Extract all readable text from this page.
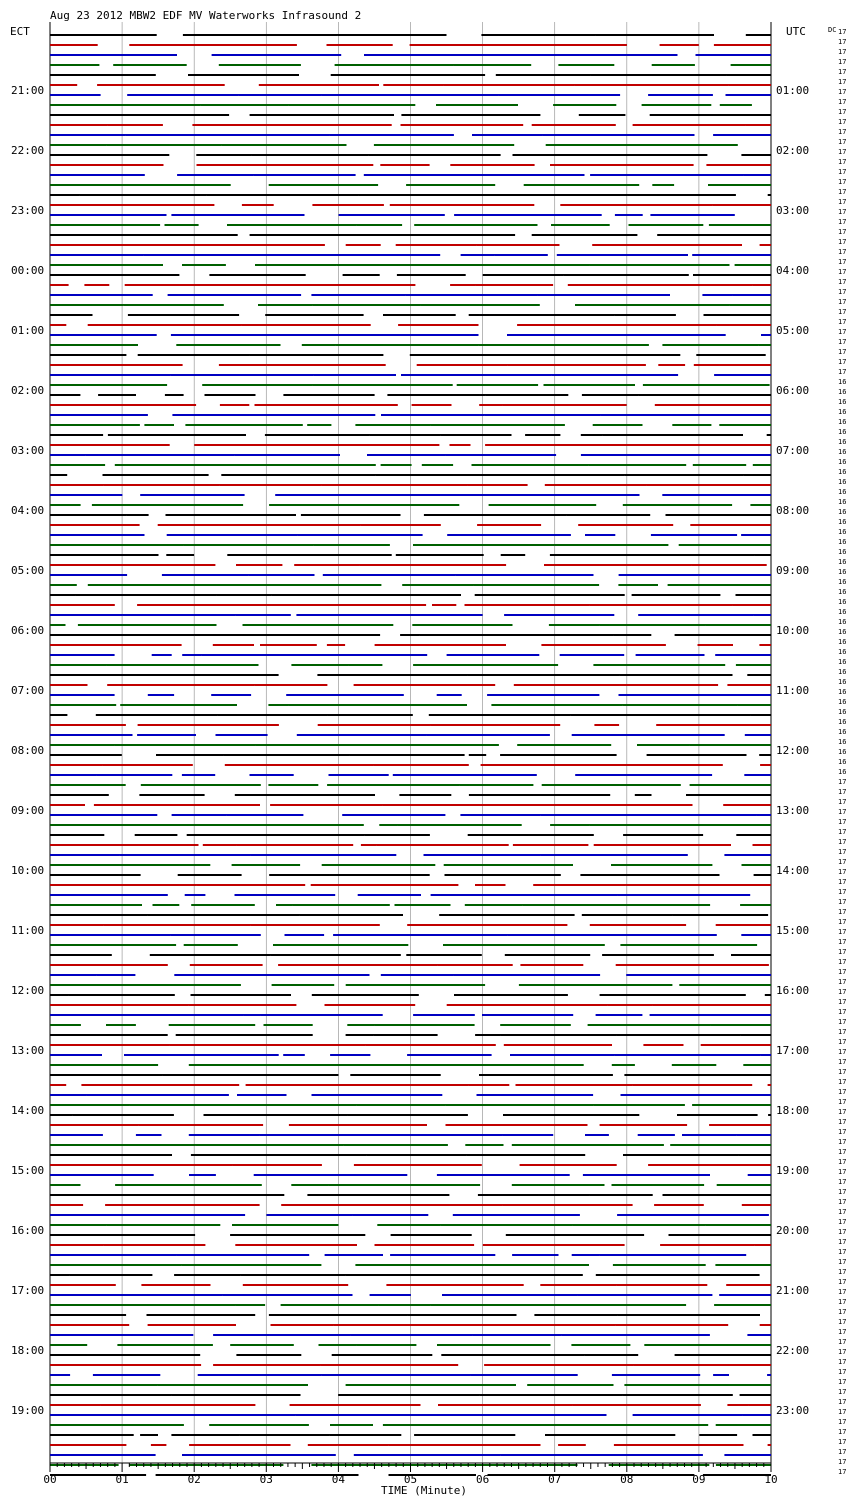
Aug 23 2012 MBW2 EDF MV Waterworks Infrasound 2
ECT	UTC	DC
TIME (Minute)
21:00
22:00
23:00
00:00
01:00
02:00
03:00
04:00
05:00
06:00
07:00
08:00
09:00
10:00
11:00
12:00
13:00
14:00
15:00
16:00
17:00
18:00
19:00
01:00
02:00
03:00
04:00
05:00
06:00
07:00
08:00
09:00
10:00
11:00
12:00
13:00
14:00
15:00
16:00
17:00
18:00
19:00
20:00
21:00
22:00
23:00
17
17
17
17
17
17
17
17
17
17
17
17
17
17
17
17
17
17
17
17
17
17
17
17
17
17
17
17
17
17
17
17
17
17
17
16
16
16
16
16
16
16
16
16
16
16
16
16
16
16
16
16
16
16
16
16
16
16
16
16
16
16
16
16
16
16
16
16
16
16
16
16
16
16
16
17
17
17
17
17
17
17
17
17
17
17
17
17
17
17
17
17
17
17
17
17
17
17
17
17
17
17
17
17
17
17
17
17
17
17
17
17
17
17
17
17
17
17
17
17
17
17
17
17
17
17
17
17
17
17
17
17
17
17
17
17
17
17
17
17
17
17
17
17
17
00	01	02	03	04	05	06	07	08	09	10
